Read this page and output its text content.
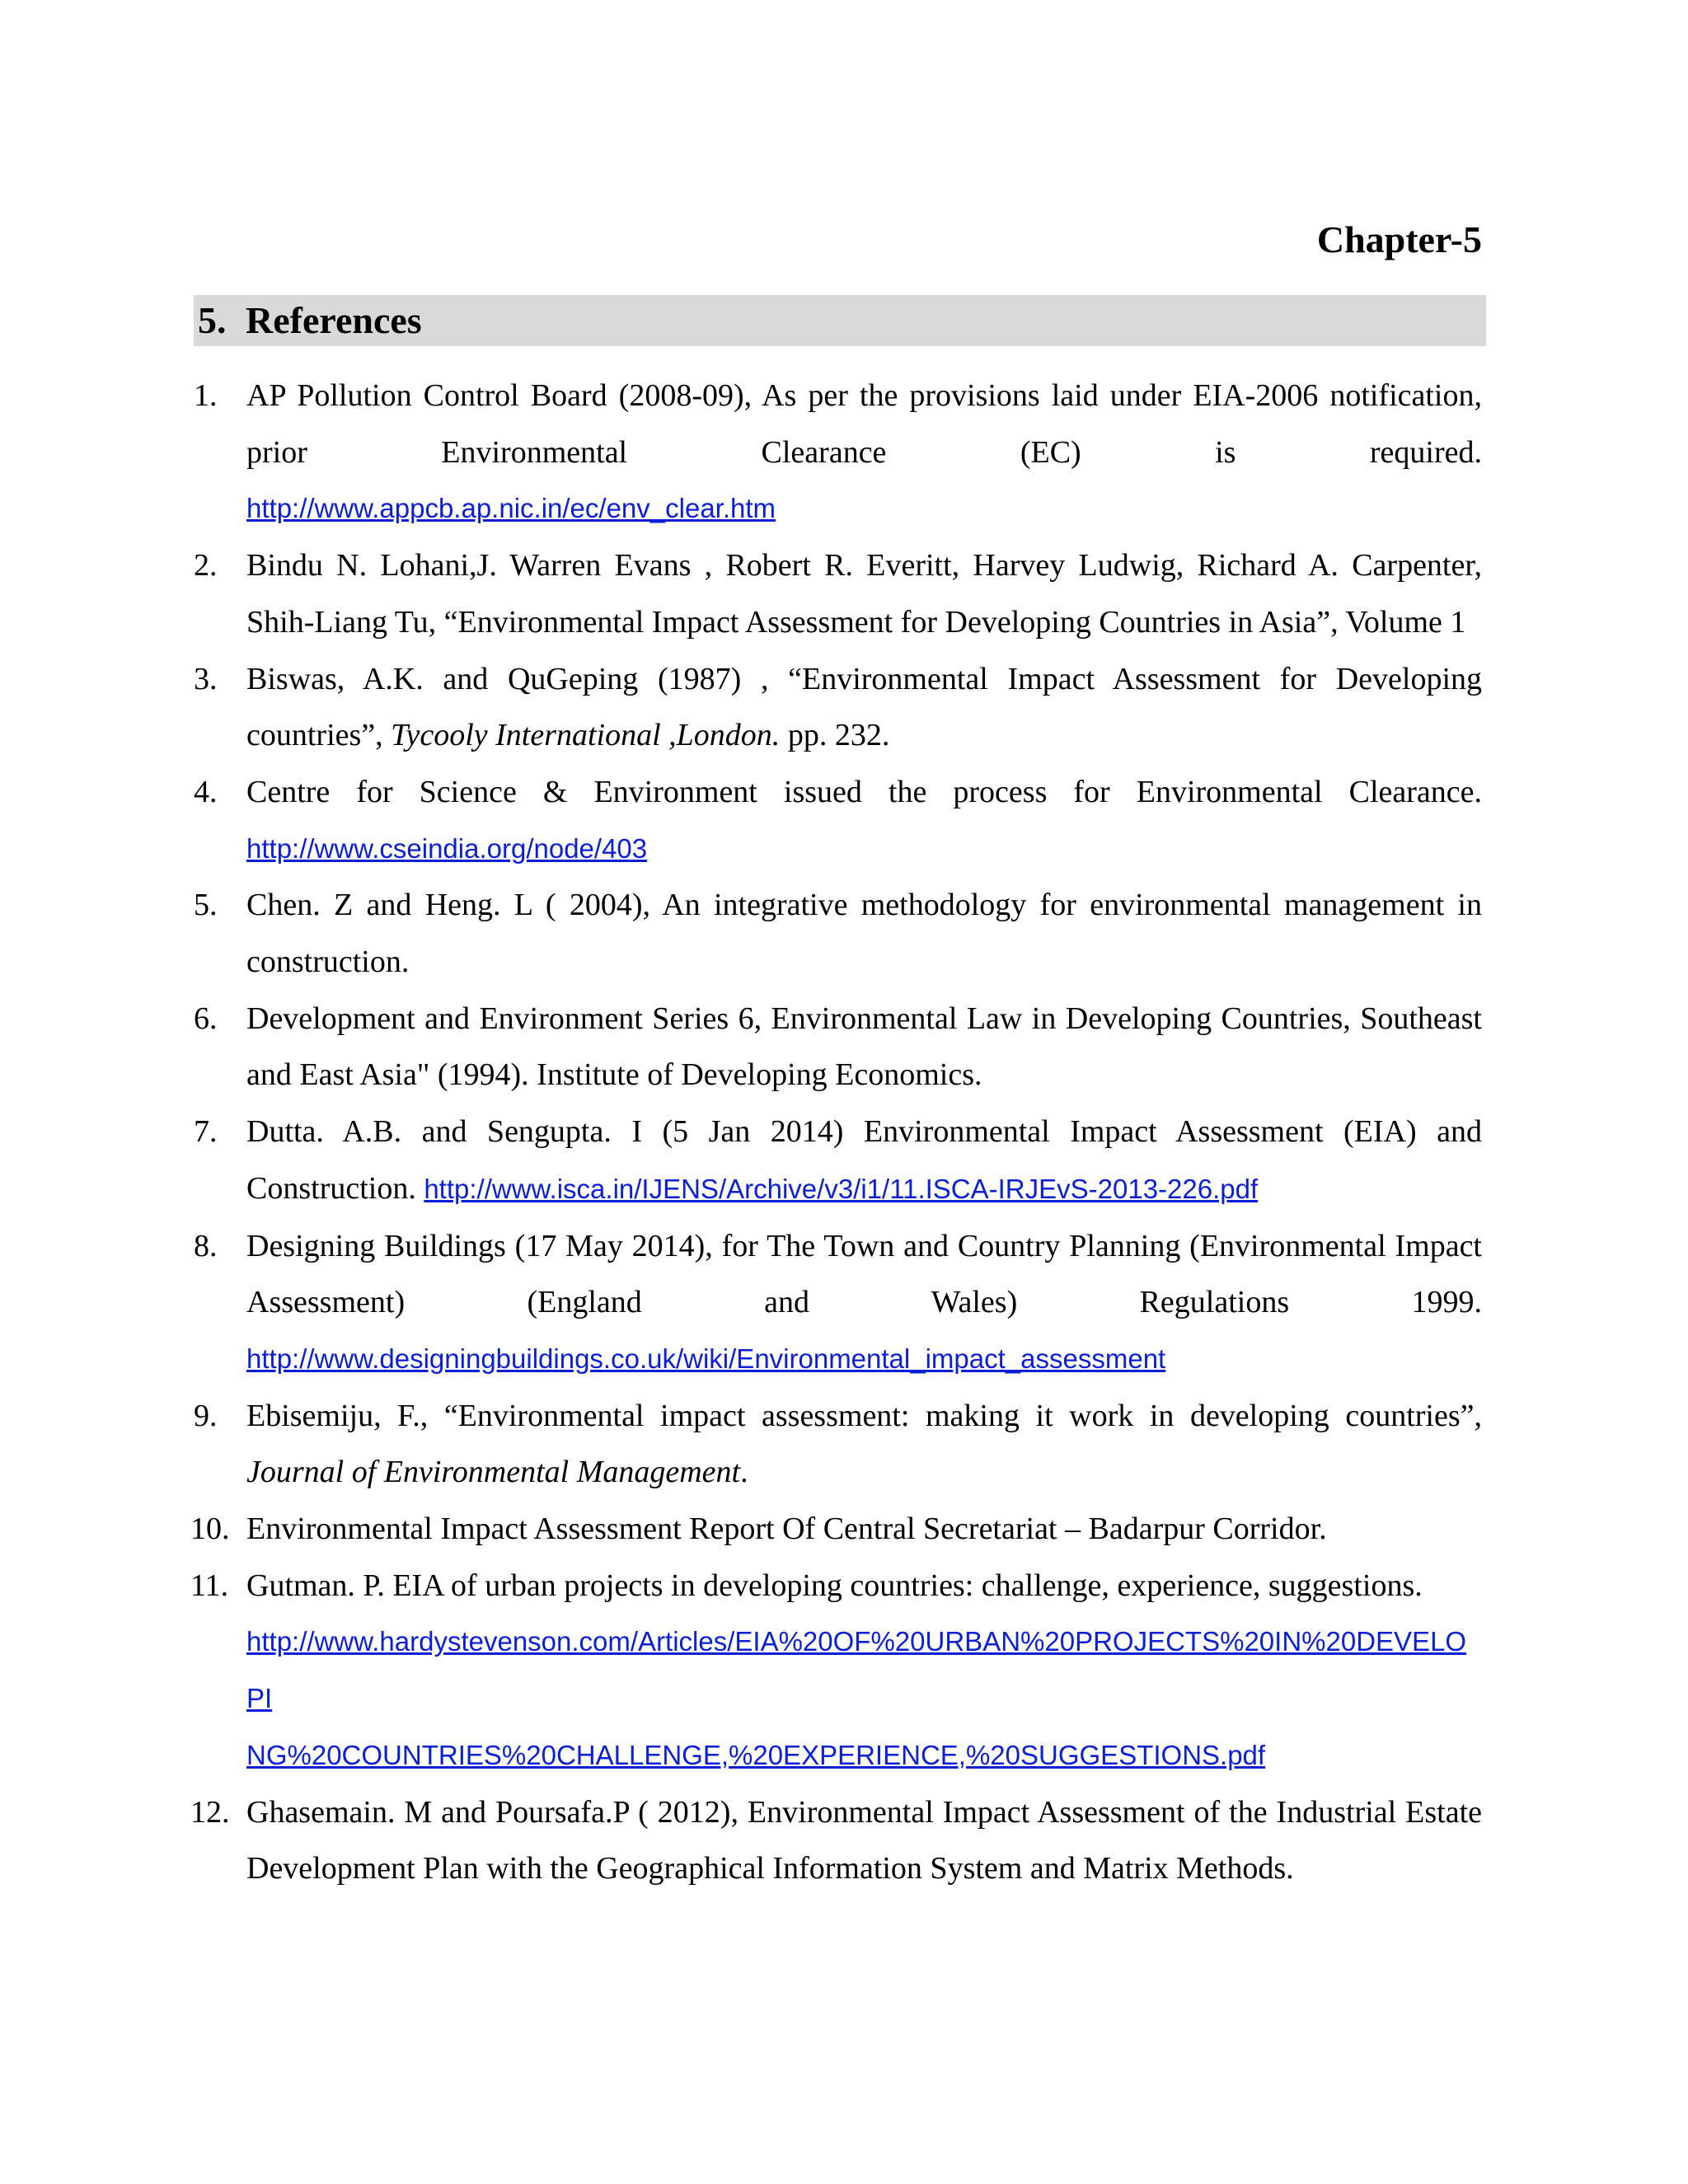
Chapter-5
5. References
1. AP Pollution Control Board (2008-09), As per the provisions laid under EIA-2006 notification, prior Environmental Clearance (EC) is required.
http://www.appcb.ap.nic.in/ec/env_clear.htm
2. Bindu N. Lohani,J. Warren Evans , Robert R. Everitt, Harvey Ludwig, Richard A. Carpenter, Shih-Liang Tu, “Environmental Impact Assessment for Developing Countries in Asia”, Volume 1
3. Biswas, A.K. and QuGeping (1987) , “Environmental Impact Assessment for Developing countries”, Tycooly International ,London. pp. 232.
4. Centre for Science & Environment issued the process for Environmental Clearance.
http://www.cseindia.org/node/403
5. Chen. Z and Heng. L ( 2004), An integrative methodology for environmental management in construction.
6. Development and Environment Series 6, Environmental Law in Developing Countries, Southeast and East Asia" (1994). Institute of Developing Economics.
7. Dutta. A.B. and Sengupta. I (5 Jan 2014) Environmental Impact Assessment (EIA) and Construction. http://www.isca.in/IJENS/Archive/v3/i1/11.ISCA-IRJEvS-2013-226.pdf
8. Designing Buildings (17 May 2014), for The Town and Country Planning (Environmental Impact Assessment) (England and Wales) Regulations 1999.
http://www.designingbuildings.co.uk/wiki/Environmental_impact_assessment
9. Ebisemiju, F., “Environmental impact assessment: making it work in developing countries”,
Journal of Environmental Management.
10. Environmental Impact Assessment Report Of Central Secretariat – Badarpur Corridor.
11. Gutman. P. EIA of urban projects in developing countries: challenge, experience, suggestions.
http://www.hardystevenson.com/Articles/EIA%20OF%20URBAN%20PROJECTS%20IN%20DEVELOPI
NG%20COUNTRIES%20CHALLENGE,%20EXPERIENCE,%20SUGGESTIONS.pdf
12. Ghasemain. M and Poursafa.P ( 2012), Environmental Impact Assessment of the Industrial Estate Development Plan with the Geographical Information System and Matrix Methods.
